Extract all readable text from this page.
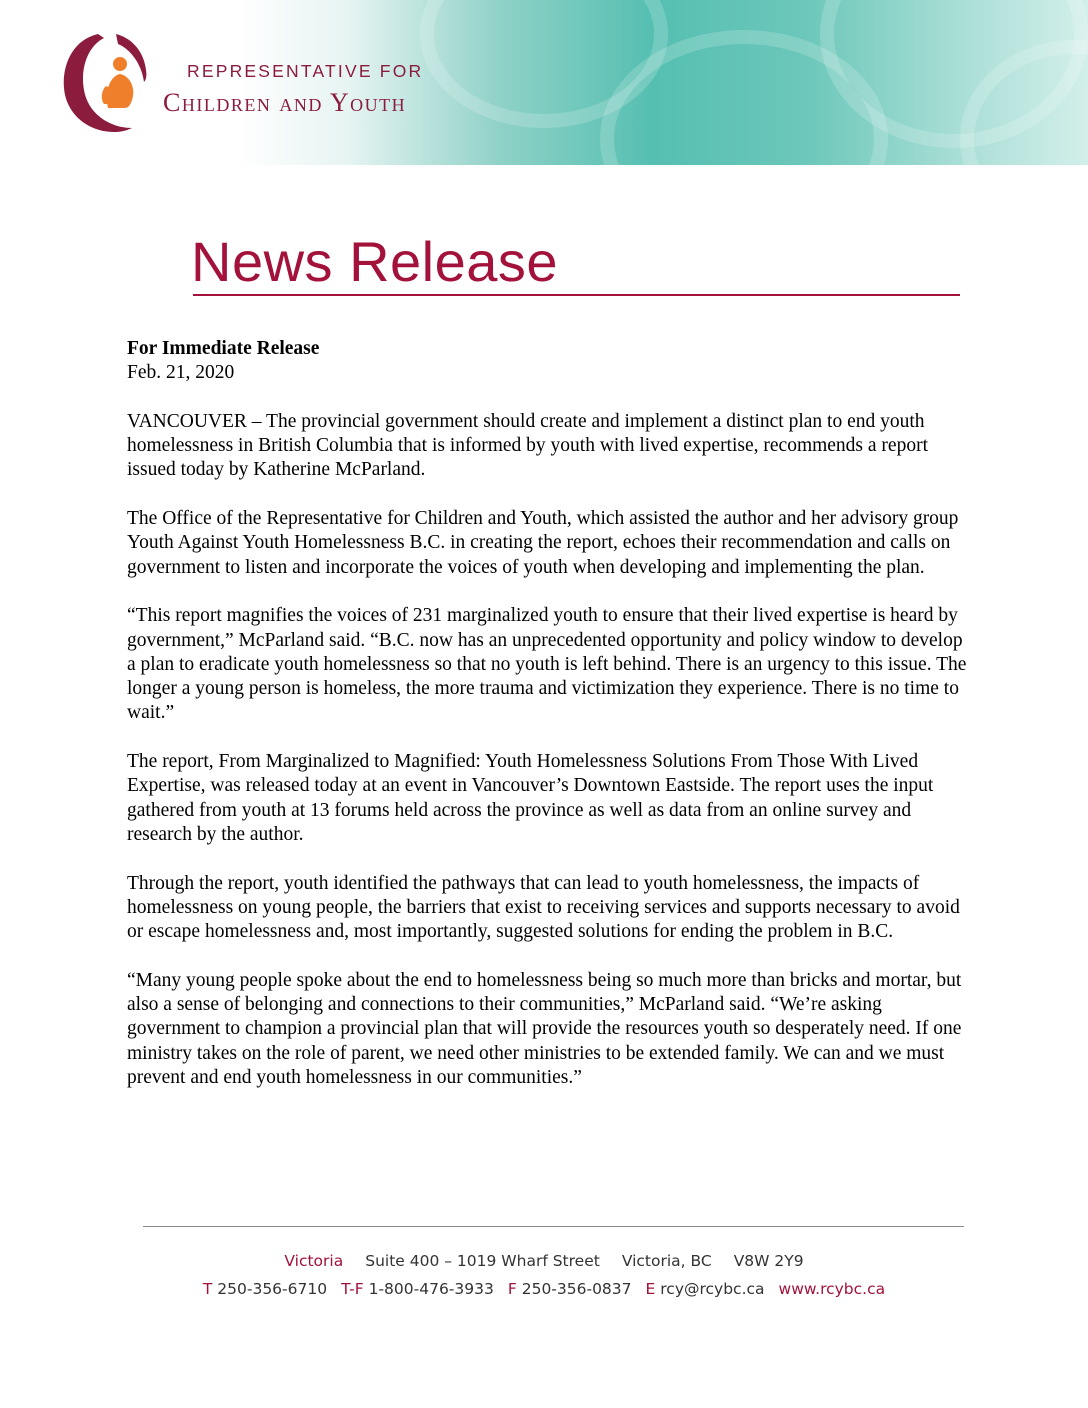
REPRESENTATIVE FOR
Children and Youth
News Release
For Immediate Release
Feb. 21, 2020

VANCOUVER – The provincial government should create and implement a distinct plan to end youth homelessness in British Columbia that is informed by youth with lived expertise, recommends a report issued today by Katherine McParland.

The Office of the Representative for Children and Youth, which assisted the author and her advisory group Youth Against Youth Homelessness B.C. in creating the report, echoes their recommendation and calls on government to listen and incorporate the voices of youth when developing and implementing the plan.

“This report magnifies the voices of 231 marginalized youth to ensure that their lived expertise is heard by government,” McParland said. “B.C. now has an unprecedented opportunity and policy window to develop a plan to eradicate youth homelessness so that no youth is left behind. There is an urgency to this issue. The longer a young person is homeless, the more trauma and victimization they experience. There is no time to wait.”

The report, From Marginalized to Magnified: Youth Homelessness Solutions From Those With Lived Expertise, was released today at an event in Vancouver’s Downtown Eastside. The report uses the input gathered from youth at 13 forums held across the province as well as data from an online survey and research by the author.

Through the report, youth identified the pathways that can lead to youth homelessness, the impacts of homelessness on young people, the barriers that exist to receiving services and supports necessary to avoid or escape homelessness and, most importantly, suggested solutions for ending the problem in B.C.

“Many young people spoke about the end to homelessness being so much more than bricks and mortar, but also a sense of belonging and connections to their communities,” McParland said. “We’re asking government to champion a provincial plan that will provide the resources youth so desperately need. If one ministry takes on the role of parent, we need other ministries to be extended family. We can and we must prevent and end youth homelessness in our communities.”

Victoria Suite 400 – 1019 Wharf Street Victoria, BC V8W 2Y9
T 250-356-6710 T-F 1-800-476-3933 F 250-356-0837 E rcy@rcybc.ca www.rcybc.ca
